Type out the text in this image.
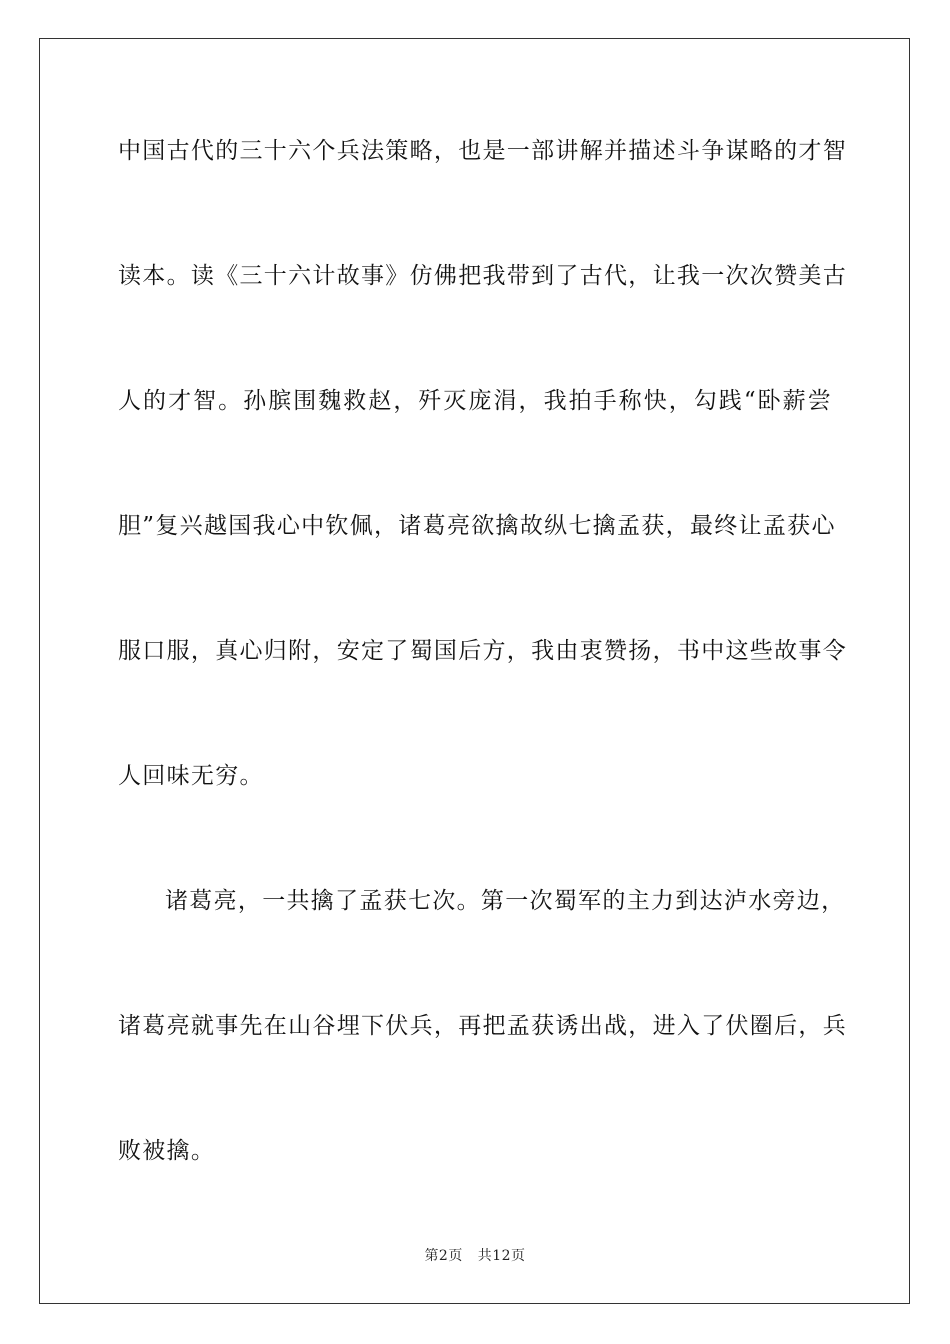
中国古代的三十六个兵法策略，也是一部讲解并描述斗争谋略的才智
读本。读《三十六计故事》仿佛把我带到了古代，让我一次次赞美古
人的才智。孙膑围魏救赵，歼灭庞涓，我拍手称快，勾践“卧薪尝
胆”复兴越国我心中钦佩，诸葛亮欲擒故纵七擒孟获，最终让孟获心
服口服，真心归附，安定了蜀国后方，我由衷赞扬，书中这些故事令
人回味无穷。
诸葛亮，一共擒了孟获七次。第一次蜀军的主力到达泸水旁边，
诸葛亮就事先在山谷埋下伏兵，再把孟获诱出战，进入了伏圈后，兵
败被擒。
第2页 共12页
